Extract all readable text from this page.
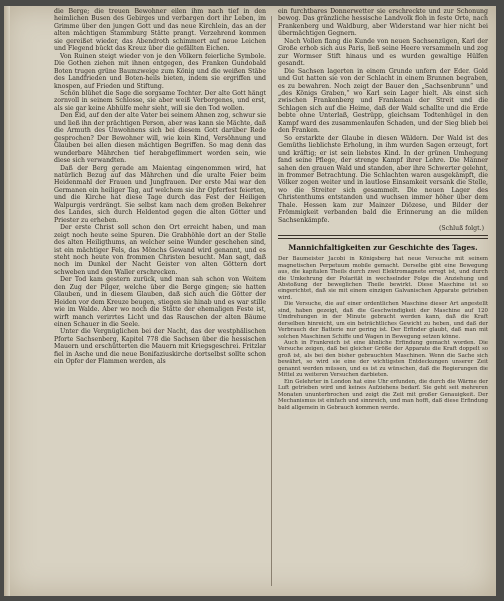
die Berge; die treuen Bewohner eilen ihm nach tief in den heimlichen Busen des Gebirges und verbargen dort ihr Leben, im Grimme über den jungen Gott und das neue Kirchlein, das an der alten mächtigen Stammburg Stätte prangt. Verzehrend kommen sie gereißet wieder, das Abendroth schimmert auf neue Leichen und Flegend bückt das Kreuz über die gefällten Eichen.

Von Ruinen steigt wieder von je den Völkern feierliche Symbole. Die Gothen ziehen mit ihnen entgegen, des Franken Gundobald Boten trugen grüne Baumzweige zum König und die weißen Stäbe des Landfrieden und Boten-heils bieten, indem sie ergriffen und knospen, auf Frieden und Stiftung.

Schön blühet die Sage die sorgsame Tochter. Der alte Gott hängt zornvoll in seinem Schlosse, sie aber weiß Verborgenes, und erst, als sie gar keine Abhülfe mehr sieht, will sie den Tod wollen.

Den Eid, auf den der alte Vater bei seinem Ahnen zog, schwur sie und ließ ihn der prächtigen Person, aber was kann sie Mächte, daß die Armuth des Unwohnens sich bei diesem Gott darüber Rede gesprochen? Der Bewohner will, wie kein Kind, Versöhnung und Glauben bei allen diesen mächtigen Begriffen. So mag denn das wunderbare Mährchen tief herabgeflimmert worden sein, wie diese sich verwandten.

Daß der Berg gerade am Maientag eingenommen wird, hat natürlich Bezug auf das Mährchen und die uralte Feier beim Heidenmahl der Frauen und Jungfrauen. Der erste Mai war den Germanen ein heiliger Tag, auf welchem sie ihr Opferfest feierten, und die Kirche hat diese Tage durch das Fest der Heiligen Walpurgis verdrängt. Sie selbst kam nach dem großen Bekehrer des Landes, sich durch Heldentod gegen die alten Götter und Priester zu erheben.

Der erste Christ soll schon den Ort erreicht haben, und man zeigt noch heute seine Spuren. Die Grabhöhle dort an der Stelle des alten Heiligthums, an welcher seine Wunder geschehen sind, ist ein mächtiger Fels, das Mönchs Gewand wird genannt, und es steht noch heute von frommen Christen besucht. Man sagt, daß noch im Dunkel der Nacht Geister von alten Göttern dort schweben und den Waller erschrecken.

Der Tod kam gestern zurück, und man sah schon von Weitem den Zug der Pilger, welche über die Berge gingen; sie hatten Glauben, und in diesem Glauben, daß sich auch die Götter der Heiden vor dem Kreuze beugen, stiegen sie hinab und es war stille wie im Walde. Aber wo noch die Stätte der ehemaligen Feste ist, wirft manch verirrtes Licht und das Rauschen der alten Bäume einen Schauer in die Seele.

Unter die Vergnüglichen bei der Nacht, das der westphälischen Pforte Sachsenberg, Kapitel 778 die Sachsen über die hessischen Mauern und erschütterten die Mauern mit Kriegsgeschrei. Fritzlar fiel in Asche und die neue Bonifaziuskirche dortselbst sollte schon ein Opfer der Flammen werden, als

ein furchtbares Donnerwetter sie erschreckte und zur Schonung bewog. Das gränzliche hessische Landvolk floh in feste Orte, nach Frankenberg und Waldburg, aber Widerstand war hier nicht bei übermächtigen Gegnern.

Nach Vollen flang die Kunde von neuen Sachsenzügen, Karl der Große erhob sich aus Paris, ließ seine Heere versammeln und zog zur Wormser Stift hinaus und es wurden gewaltige Hülfen gesandt.

Die Sachsen lagerten in einem Grunde unfern der Eder. Gold und Gut hatten sie von der Schlacht in einem Brunnen begraben, es zu bewahren. Noch zeigt der Bauer den „Sachsenbrunn“ und „des Königs Graben,“ wo Karl sein Lager hielt. Als einst sich zwischen Frankenberg und Frankenau der Streit und die Schlagen sich auf die Heime, daß der Wald schallte und die Erde bebte ohne Unterlaß, Gestrüpp, gleichsam Todtenhügel in den Kampf ward des zusammenlaufen Schaden, und der Sieg blieb bei den Franken.

So erstarkte der Glaube in diesen Wäldern. Der Wald ist des Gemüths lieblichste Erholung, in ihm wurden Sagen erzeugt, fort und kräftig; er ist sein liebstes Kind. In der grünen Umhegung fand seine Pflege, der strenge Kampf ihrer Lehre. Die Männer sahen den grauen Wald und standen, aber ihre Schwerter gelehnt, in frommer Betrachtung. Die Schlachten waren ausgekämpft, die Völker zogen weiter und in lautlose Einsamkeit versank die Stelle, wo die Streiter sich gesammelt. Die neuen Lager des Christenthums entstanden und wuchsen immer höher über dem Thale. Hessen kam zur Mainzer Diözese, und Bilder der Frömmigkeit verbanden bald die Erinnerung an die milden Sachsenkämpfe.

(Schluß folgt.)
Mannichfaltigkeiten zur Geschichte des Tages.

Der Baumeister Jacobi in Königsberg hat neue Versuche mit seinem magnetischen Perpetuum mobile gemacht. Derselbe gibt eine Bewegung aus, die kapitalen Theils durch zwei Elektromagnete erregt ist, und durch die Umkehrung der Polarität in wechselnder Folge die Anziehung und Abstoßung der beweglichen Theile bewirkt. Diese Maschine ist so eingerichtet, daß sie mit einem einzigen Galvanischen Apparate getrieben wird.

Die Versuche, die auf einer ordentlichen Maschine dieser Art angestellt sind, haben gezeigt, daß die Geschwindigkeit der Maschine auf 120 Umdrehungen in der Minute gebracht werden kann, daß die Kraft derselben hinreicht, um ein beträchtliches Gewicht zu heben, und daß der Verbrauch der Batterie nur gering ist. Der Erfinder glaubt, daß man mit solchen Maschinen Schiffe und Wagen in Bewegung setzen könne.

Auch in Frankreich ist eine ähnliche Erfindung gemacht worden. Die Versuche zeigen, daß bei gleicher Größe der Apparate die Kraft doppelt so groß ist, als bei den bisher gebrauchten Maschinen. Wenn die Sache sich bewährt, so wird sie eine der wichtigsten Entdeckungen unserer Zeit genannt werden müssen, und es ist zu wünschen, daß die Regierungen die Mittel zu weiteren Versuchen darbieten.

Ein Gelehrter in London hat eine Uhr erfunden, die durch die Wärme der Luft getrieben wird und keines Aufziehens bedarf. Sie geht seit mehreren Monaten ununterbrochen und zeigt die Zeit mit großer Genauigkeit. Der Mechanismus ist einfach und sinnreich, und man hofft, daß diese Erfindung bald allgemein in Gebrauch kommen werde.
